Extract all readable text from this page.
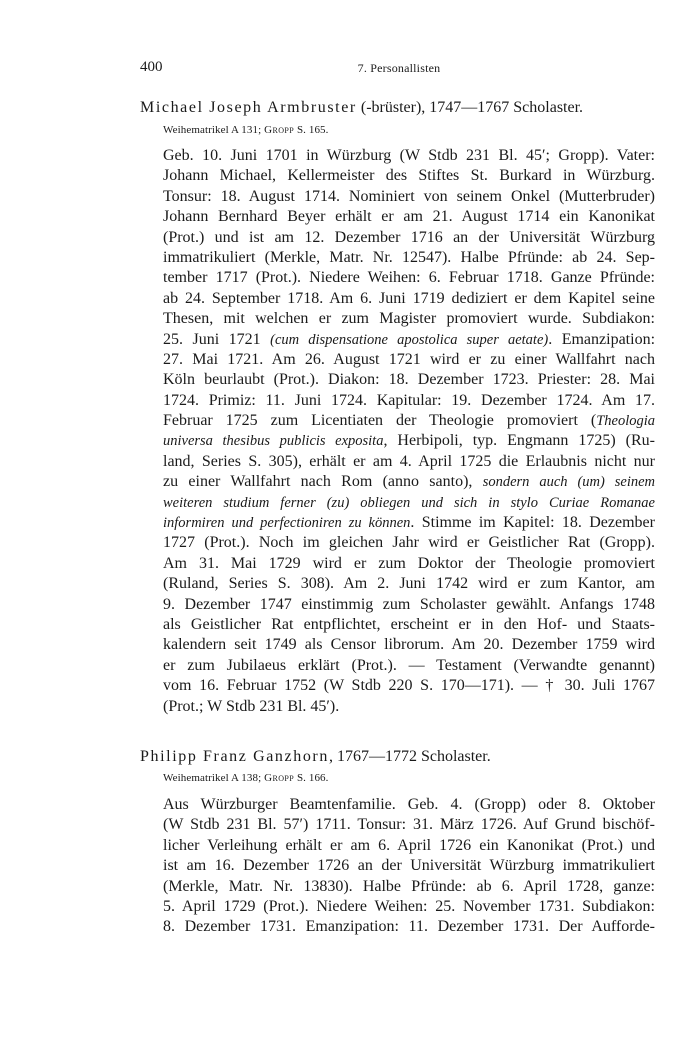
400	7. Personallisten
Michael Joseph Armbruster (-brüster), 1747—1767 Scholaster.
Weihematrikel A 131; Gropp S. 165.
Geb. 10. Juni 1701 in Würzburg (W Stdb 231 Bl. 45′; Gropp). Vater:
Johann Michael, Kellermeister des Stiftes St. Burkard in Würzburg.
Tonsur: 18. August 1714. Nominiert von seinem Onkel (Mutterbruder)
Johann Bernhard Beyer erhält er am 21. August 1714 ein Kanonikat
(Prot.) und ist am 12. Dezember 1716 an der Universität Würzburg
immatrikuliert (Merkle, Matr. Nr. 12547). Halbe Pfründe: ab 24. Sep-
tember 1717 (Prot.). Niedere Weihen: 6. Februar 1718. Ganze Pfründe:
ab 24. September 1718. Am 6. Juni 1719 dediziert er dem Kapitel seine
Thesen, mit welchen er zum Magister promoviert wurde. Subdiakon:
25. Juni 1721 (cum dispensatione apostolica super aetate). Emanzipation:
27. Mai 1721. Am 26. August 1721 wird er zu einer Wallfahrt nach
Köln beurlaubt (Prot.). Diakon: 18. Dezember 1723. Priester: 28. Mai
1724. Primiz: 11. Juni 1724. Kapitular: 19. Dezember 1724. Am 17.
Februar 1725 zum Licentiaten der Theologie promoviert (Theologia
universa thesibus publicis exposita, Herbipoli, typ. Engmann 1725) (Ru-
land, Series S. 305), erhält er am 4. April 1725 die Erlaubnis nicht nur
zu einer Wallfahrt nach Rom (anno santo), sondern auch (um) seinem
weiteren studium ferner (zu) obliegen und sich in stylo Curiae Romanae
informiren und perfectioniren zu können. Stimme im Kapitel: 18. Dezember
1727 (Prot.). Noch im gleichen Jahr wird er Geistlicher Rat (Gropp).
Am 31. Mai 1729 wird er zum Doktor der Theologie promoviert
(Ruland, Series S. 308). Am 2. Juni 1742 wird er zum Kantor, am
9. Dezember 1747 einstimmig zum Scholaster gewählt. Anfangs 1748
als Geistlicher Rat entpflichtet, erscheint er in den Hof- und Staats-
kalendern seit 1749 als Censor librorum. Am 20. Dezember 1759 wird
er zum Jubilaeus erklärt (Prot.). — Testament (Verwandte genannt)
vom 16. Februar 1752 (W Stdb 220 S. 170—171). — † 30. Juli 1767
(Prot.; W Stdb 231 Bl. 45′).
Philipp Franz Ganzhorn, 1767—1772 Scholaster.
Weihematrikel A 138; Gropp S. 166.
Aus Würzburger Beamtenfamilie. Geb. 4. (Gropp) oder 8. Oktober
(W Stdb 231 Bl. 57′) 1711. Tonsur: 31. März 1726. Auf Grund bischöf-
licher Verleihung erhält er am 6. April 1726 ein Kanonikat (Prot.) und
ist am 16. Dezember 1726 an der Universität Würzburg immatrikuliert
(Merkle, Matr. Nr. 13830). Halbe Pfründe: ab 6. April 1728, ganze:
5. April 1729 (Prot.). Niedere Weihen: 25. November 1731. Subdiakon:
8. Dezember 1731. Emanzipation: 11. Dezember 1731. Der Aufforde-
